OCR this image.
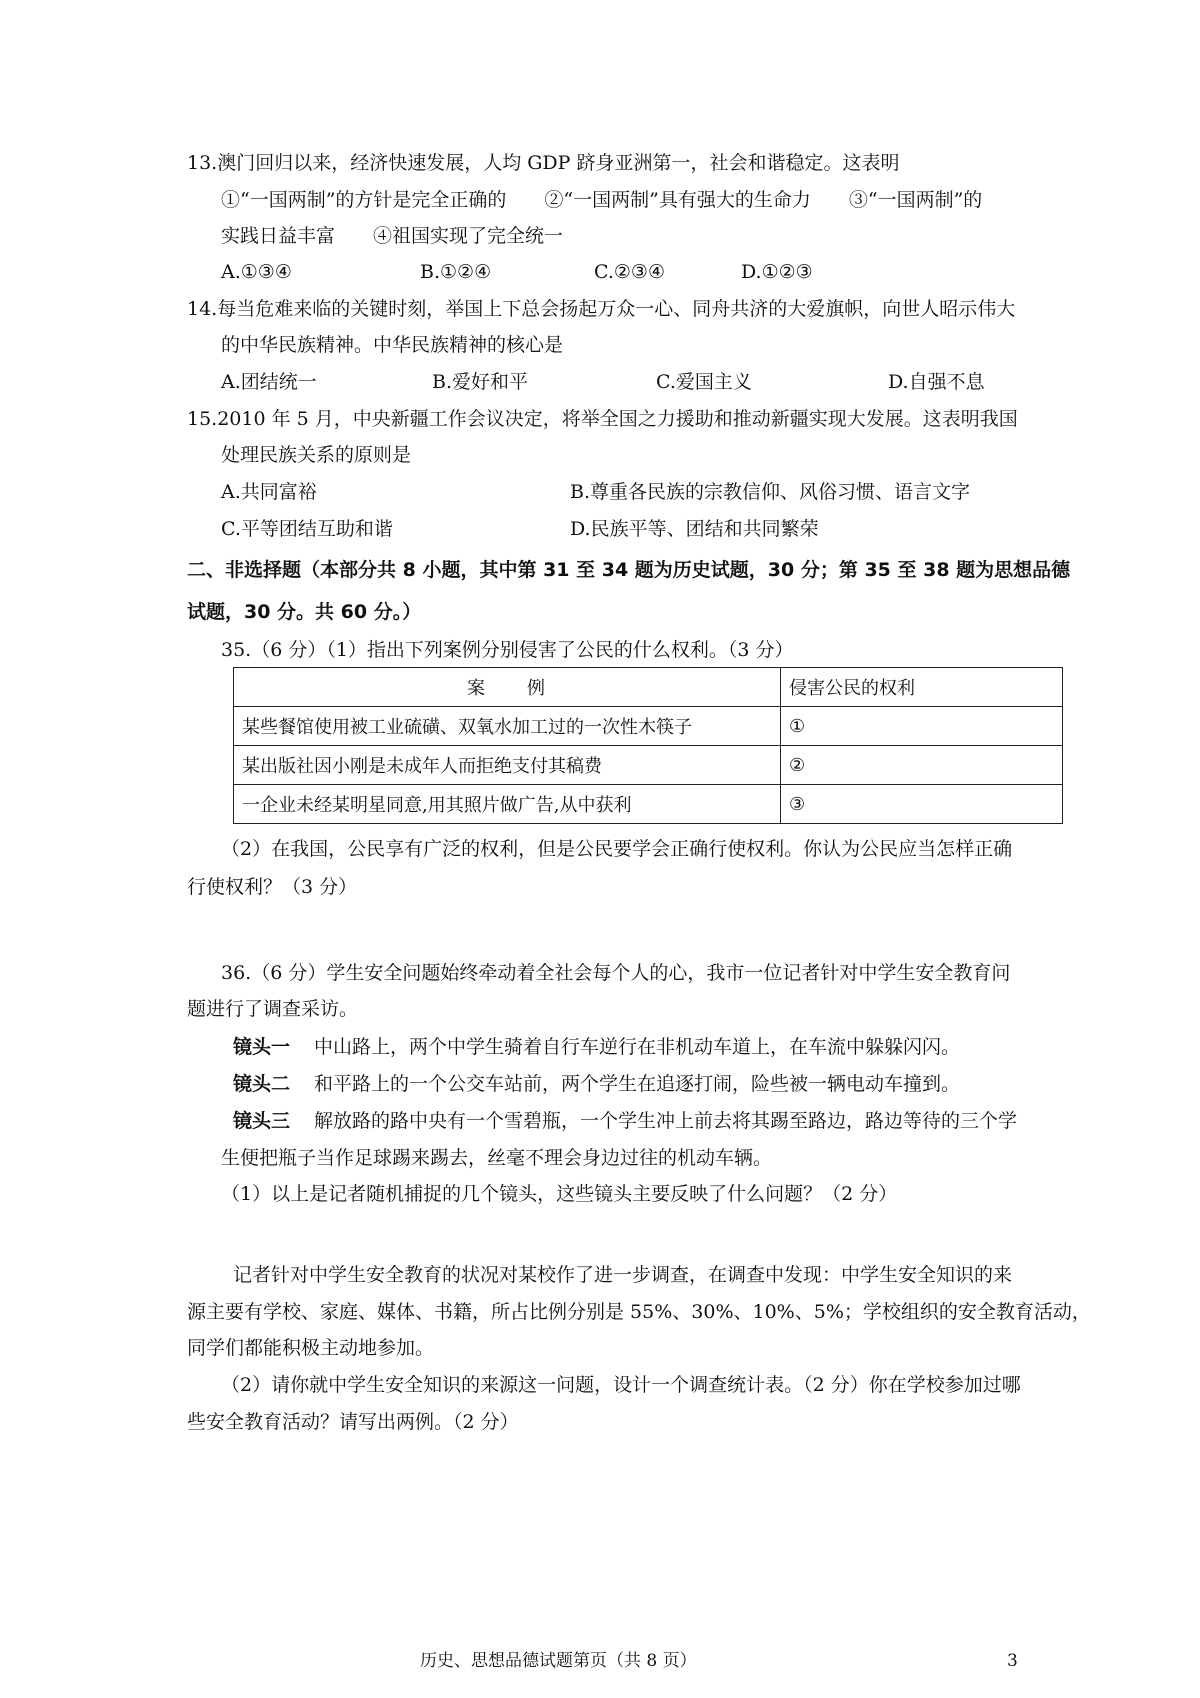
13.澳门回归以来，经济快速发展，人均 GDP 跻身亚洲第一，社会和谐稳定。这表明
①“一国两制”的方针是完全正确的　　②“一国两制”具有强大的生命力　　③“一国两制”的
实践日益丰富　　④祖国实现了完全统一
A.①③④	B.①②④	C.②③④	D.①②③
14.每当危难来临的关键时刻，举国上下总会扬起万众一心、同舟共济的大爱旗帜，向世人昭示伟大
的中华民族精神。中华民族精神的核心是
A.团结统一	B.爱好和平	C.爱国主义	D.自强不息
15.2010 年 5 月，中央新疆工作会议决定，将举全国之力援助和推动新疆实现大发展。这表明我国
处理民族关系的原则是
A.共同富裕	B.尊重各民族的宗教信仰、风俗习惯、语言文字
C.平等团结互助和谐	D.民族平等、团结和共同繁荣
二、非选择题（本部分共 8 小题，其中第 31 至 34 题为历史试题，30 分；第 35 至 38 题为思想品德
试题，30 分。共 60 分。）
35.（6 分）（1）指出下列案例分别侵害了公民的什么权利。（3 分）
案　　例	侵害公民的权利
某些餐馆使用被工业硫磺、双氧水加工过的一次性木筷子	①
某出版社因小刚是未成年人而拒绝支付其稿费	②
一企业未经某明星同意,用其照片做广告,从中获利	③
（2）在我国，公民享有广泛的权利，但是公民要学会正确行使权利。你认为公民应当怎样正确
行使权利？（3 分）
36.（6 分）学生安全问题始终牵动着全社会每个人的心，我市一位记者针对中学生安全教育问
题进行了调查采访。
镜头一 中山路上，两个中学生骑着自行车逆行在非机动车道上，在车流中躲躲闪闪。
镜头二 和平路上的一个公交车站前，两个学生在追逐打闹，险些被一辆电动车撞到。
镜头三 解放路的路中央有一个雪碧瓶，一个学生冲上前去将其踢至路边，路边等待的三个学
生便把瓶子当作足球踢来踢去，丝毫不理会身边过往的机动车辆。
（1）以上是记者随机捕捉的几个镜头，这些镜头主要反映了什么问题？（2 分）
记者针对中学生安全教育的状况对某校作了进一步调查，在调查中发现：中学生安全知识的来
源主要有学校、家庭、媒体、书籍，所占比例分别是 55%、30%、10%、5%；学校组织的安全教育活动，
同学们都能积极主动地参加。
（2）请你就中学生安全知识的来源这一问题，设计一个调查统计表。（2 分）你在学校参加过哪
些安全教育活动？请写出两例。（2 分）
历史、思想品德试题第页（共 8 页）	3
